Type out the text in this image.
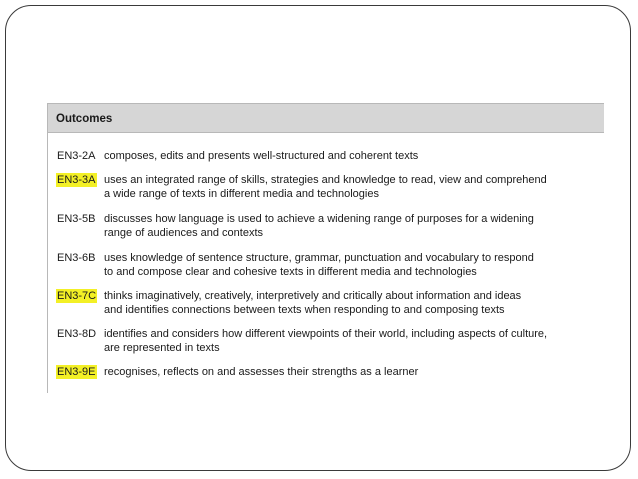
Outcomes
EN3-2A composes, edits and presents well-structured and coherent texts
EN3-3A uses an integrated range of skills, strategies and knowledge to read, view and comprehend
a wide range of texts in different media and technologies
EN3-5B discusses how language is used to achieve a widening range of purposes for a widening
range of audiences and contexts
EN3-6B uses knowledge of sentence structure, grammar, punctuation and vocabulary to respond
to and compose clear and cohesive texts in different media and technologies
EN3-7C thinks imaginatively, creatively, interpretively and critically about information and ideas
and identifies connections between texts when responding to and composing texts
EN3-8D identifies and considers how different viewpoints of their world, including aspects of culture,
are represented in texts
EN3-9E recognises, reflects on and assesses their strengths as a learner
